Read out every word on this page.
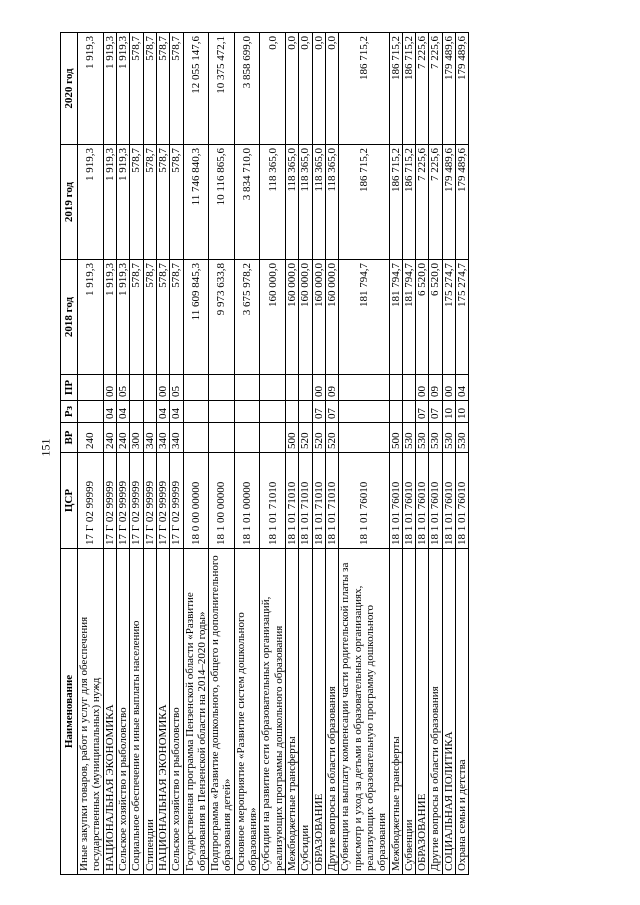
151
Наименование	ЦСР	ВР	Рз	ПР	2018 год	2019 год	2020 год
Иные закупки товаров, работ и услуг для обеспечения государственных (муниципальных) нужд	17 Г 02 99999	240			1 919,3	1 919,3	1 919,3
НАЦИОНАЛЬНАЯ ЭКОНОМИКА	17 Г 02 99999	240	04	00	1 919,3	1 919,3	1 919,3
Сельское хозяйство и рыболовство	17 Г 02 99999	240	04	05	1 919,3	1 919,3	1 919,3
Социальное обеспечение и иные выплаты населению	17 Г 02 99999	300			578,7	578,7	578,7
Стипендии	17 Г 02 99999	340			578,7	578,7	578,7
НАЦИОНАЛЬНАЯ ЭКОНОМИКА	17 Г 02 99999	340	04	00	578,7	578,7	578,7
Сельское хозяйство и рыболовство	17 Г 02 99999	340	04	05	578,7	578,7	578,7
Государственная программа Пензенской области «Развитие образования в Пензенской области на 2014–2020 годы»	18 0 00 00000				11 609 845,3	11 746 840,3	12 055 147,6
Подпрограмма «Развитие дошкольного, общего и дополнительного образования детей»	18 1 00 00000				9 973 633,8	10 116 865,6	10 375 472,1
Основное мероприятие «Развитие систем дошкольного образования»	18 1 01 00000				3 675 978,2	3 834 710,0	3 858 699,0
Субсидии на развитие сети образовательных организаций, реализующих программы дошкольного образования	18 1 01 71010				160 000,0	118 365,0	0,0
Межбюджетные трансферты	18 1 01 71010	500			160 000,0	118 365,0	0,0
Субсидии	18 1 01 71010	520			160 000,0	118 365,0	0,0
ОБРАЗОВАНИЕ	18 1 01 71010	520	07	00	160 000,0	118 365,0	0,0
Другие вопросы в области образования	18 1 01 71010	520	07	09	160 000,0	118 365,0	0,0
Субвенции на выплату компенсации части родительской платы за присмотр и уход за детьми в образовательных организациях, реализующих образовательную программу дошкольного образования	18 1 01 76010				181 794,7	186 715,2	186 715,2
Межбюджетные трансферты	18 1 01 76010	500			181 794,7	186 715,2	186 715,2
Субвенции	18 1 01 76010	530			181 794,7	186 715,2	186 715,2
ОБРАЗОВАНИЕ	18 1 01 76010	530	07	00	6 520,0	7 225,6	7 225,6
Другие вопросы в области образования	18 1 01 76010	530	07	09	6 520,0	7 225,6	7 225,6
СОЦИАЛЬНАЯ ПОЛИТИКА	18 1 01 76010	530	10	00	175 274,7	179 489,6	179 489,6
Охрана семьи и детства	18 1 01 76010	530	10	04	175 274,7	179 489,6	179 489,6
